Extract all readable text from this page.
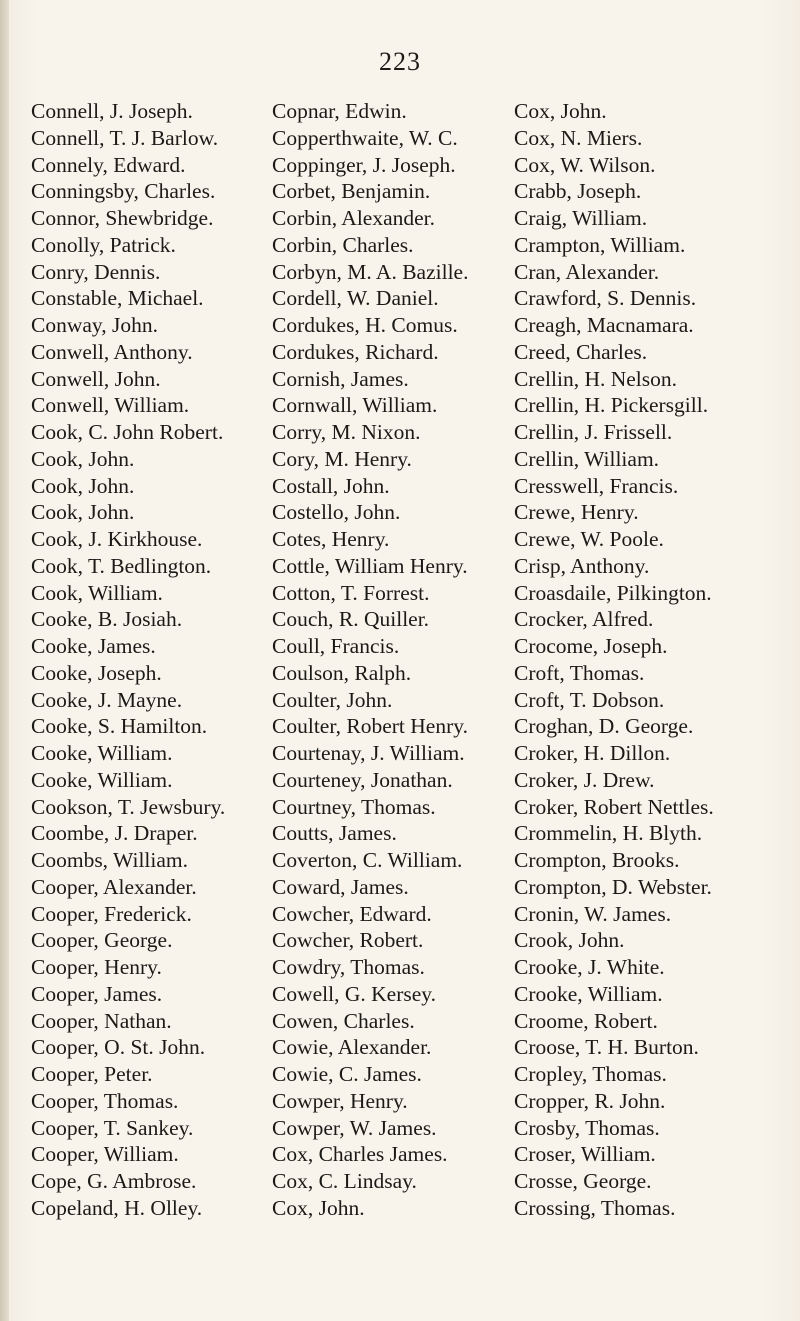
223
Connell, J. Joseph.
Connell, T. J. Barlow.
Connely, Edward.
Conningsby, Charles.
Connor, Shewbridge.
Conolly, Patrick.
Conry, Dennis.
Constable, Michael.
Conway, John.
Conwell, Anthony.
Conwell, John.
Conwell, William.
Cook, C. John Robert.
Cook, John.
Cook, John.
Cook, John.
Cook, J. Kirkhouse.
Cook, T. Bedlington.
Cook, William.
Cooke, B. Josiah.
Cooke, James.
Cooke, Joseph.
Cooke, J. Mayne.
Cooke, S. Hamilton.
Cooke, William.
Cooke, William.
Cookson, T. Jewsbury.
Coombe, J. Draper.
Coombs, William.
Cooper, Alexander.
Cooper, Frederick.
Cooper, George.
Cooper, Henry.
Cooper, James.
Cooper, Nathan.
Cooper, O. St. John.
Cooper, Peter.
Cooper, Thomas.
Cooper, T. Sankey.
Cooper, William.
Cope, G. Ambrose.
Copeland, H. Olley.
Copnar, Edwin.
Copperthwaite, W. C.
Coppinger, J. Joseph.
Corbet, Benjamin.
Corbin, Alexander.
Corbin, Charles.
Corbyn, M. A. Bazille.
Cordell, W. Daniel.
Cordukes, H. Comus.
Cordukes, Richard.
Cornish, James.
Cornwall, William.
Corry, M. Nixon.
Cory, M. Henry.
Costall, John.
Costello, John.
Cotes, Henry.
Cottle, William Henry.
Cotton, T. Forrest.
Couch, R. Quiller.
Coull, Francis.
Coulson, Ralph.
Coulter, John.
Coulter, Robert Henry.
Courtenay, J. William.
Courteney, Jonathan.
Courtney, Thomas.
Coutts, James.
Coverton, C. William.
Coward, James.
Cowcher, Edward.
Cowcher, Robert.
Cowdry, Thomas.
Cowell, G. Kersey.
Cowen, Charles.
Cowie, Alexander.
Cowie, C. James.
Cowper, Henry.
Cowper, W. James.
Cox, Charles James.
Cox, C. Lindsay.
Cox, John.
Cox, John.
Cox, N. Miers.
Cox, W. Wilson.
Crabb, Joseph.
Craig, William.
Crampton, William.
Cran, Alexander.
Crawford, S. Dennis.
Creagh, Macnamara.
Creed, Charles.
Crellin, H. Nelson.
Crellin, H. Pickersgill.
Crellin, J. Frissell.
Crellin, William.
Cresswell, Francis.
Crewe, Henry.
Crewe, W. Poole.
Crisp, Anthony.
Croasdaile, Pilkington.
Crocker, Alfred.
Crocome, Joseph.
Croft, Thomas.
Croft, T. Dobson.
Croghan, D. George.
Croker, H. Dillon.
Croker, J. Drew.
Croker, Robert Nettles.
Crommelin, H. Blyth.
Crompton, Brooks.
Crompton, D. Webster.
Cronin, W. James.
Crook, John.
Crooke, J. White.
Crooke, William.
Croome, Robert.
Croose, T. H. Burton.
Cropley, Thomas.
Cropper, R. John.
Crosby, Thomas.
Croser, William.
Crosse, George.
Crossing, Thomas.
